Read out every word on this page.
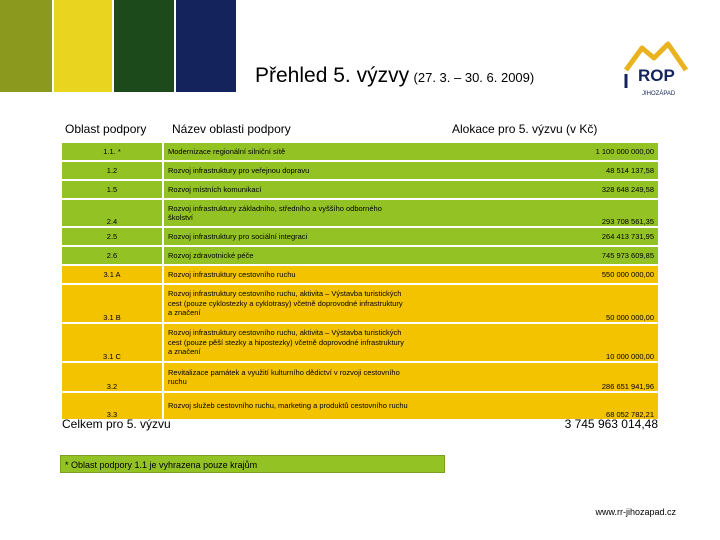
Přehled 5. výzvy (27. 3. – 30. 6. 2009)	ROP
JIHOZÁPAD
Oblast podpory Název oblasti podpory	Alokace pro 5. výzvu (v Kč)
1.1. *	Modernizace regionální silniční sítě	1 100 000 000,00
1.2	Rozvoj infrastruktury pro veřejnou dopravu	48 514 137,58
1.5	Rozvoj místních komunikací	328 648 249,58
2.4	Rozvoj infrastruktury základního, středního a vyššího odborného školství	293 708 561,35
2.5	Rozvoj infrastruktury pro sociální integraci	264 413 731,95
2.6	Rozvoj zdravotnické péče	745 973 609,85
3.1 A	Rozvoj infrastruktury cestovního ruchu	550 000 000,00
3.1 B	Rozvoj infrastruktury cestovního ruchu, aktivita – Výstavba turistických cest (pouze cyklostezky a cyklotrasy) včetně doprovodné infrastruktury a značení	50 000 000,00
3.1 C	Rozvoj infrastruktury cestovního ruchu, aktivita – Výstavba turistických cest (pouze pěší stezky a hipostezky) včetně doprovodné infrastruktury a značení	10 000 000,00
3.2	Revitalizace památek a využití kulturního dědictví v rozvoji cestovního ruchu	286 651 941,96
3.3	Rozvoj služeb cestovního ruchu, marketing a produktů cestovního ruchu	68 052 782,21
Celkem pro 5. výzvu	3 745 963 014,48
* Oblast podpory 1.1 je vyhrazena pouze krajům
www.rr-jihozapad.cz
